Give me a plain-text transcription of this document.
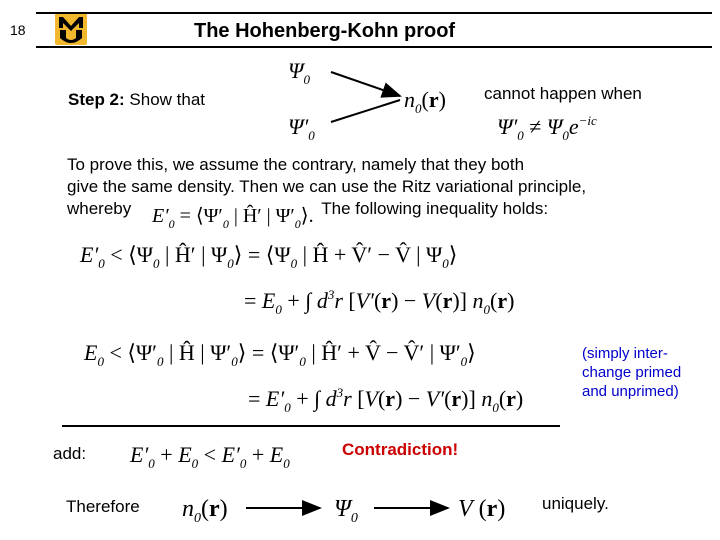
18	The Hohenberg-Kohn proof
Step 2: Show that
$\Psi_0$
$\Psi'_0$
$n_0(r)$
$\Psi'_0 \ne \Psi_0e^{-ic}$
$E'_0$ = $⟨\Psi'_0$ | Ĥ′ | $\Psi'_0⟩$.
$E'_0$ < $⟨\Psi_0$ | Ĥ′ | $\Psi_0⟩$ = $⟨\Psi_0$ | Ĥ + V̂′ − V̂ | $\Psi_0⟩$
= $E_0$ + ∫ $d^3r$ [V′(r) − V(r)] $n_0(r)$
$E_0$ < $⟨\Psi'_0$ | Ĥ | $\Psi'_0⟩$ = $⟨\Psi'_0$ | Ĥ′ + V̂ − V̂′ | $\Psi'_0⟩$
= $E'_0$ + ∫ $d^3r$ [V(r) − V′(r)] $n_0(r)$
$E'_0 + E_0 < E'_0 + E_0$
$n_0(r)$	$\Psi_0$	V (r)
cannot happen when
To prove this, we assume the contrary, namely that they both
give the same density. Then we can use the Ritz variational principle,
whereby	The following inequality holds:
(simply inter-
change primed
and unprimed)
add:	Contradiction!
Therefore	uniquely.
